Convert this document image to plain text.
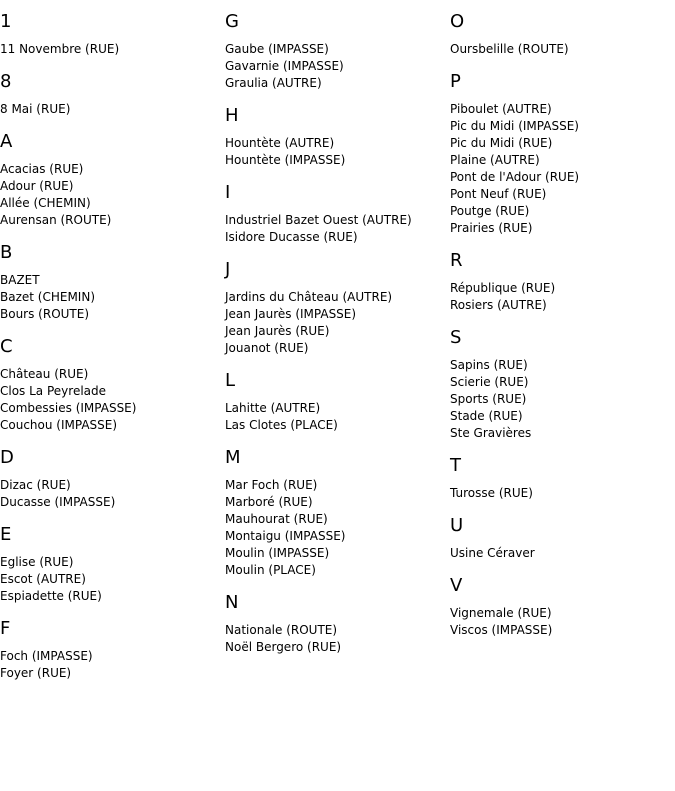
1
11 Novembre (RUE)
8
8 Mai (RUE)
A
Acacias (RUE)
Adour (RUE)
Allée (CHEMIN)
Aurensan (ROUTE)
B
BAZET
Bazet (CHEMIN)
Bours (ROUTE)
C
Château (RUE)
Clos La Peyrelade
Combessies (IMPASSE)
Couchou (IMPASSE)
D
Dizac (RUE)
Ducasse (IMPASSE)
E
Eglise (RUE)
Escot (AUTRE)
Espiadette (RUE)
F
Foch (IMPASSE)
Foyer (RUE)
G
Gaube (IMPASSE)
Gavarnie (IMPASSE)
Graulia (AUTRE)
H
Hountète (AUTRE)
Hountète (IMPASSE)
I
Industriel Bazet Ouest (AUTRE)
Isidore Ducasse (RUE)
J
Jardins du Château (AUTRE)
Jean Jaurès (IMPASSE)
Jean Jaurès (RUE)
Jouanot (RUE)
L
Lahitte (AUTRE)
Las Clotes (PLACE)
M
Mar Foch (RUE)
Marboré (RUE)
Mauhourat (RUE)
Montaigu (IMPASSE)
Moulin (IMPASSE)
Moulin (PLACE)
N
Nationale (ROUTE)
Noël Bergero (RUE)
O
Oursbelille (ROUTE)
P
Piboulet (AUTRE)
Pic du Midi (IMPASSE)
Pic du Midi (RUE)
Plaine (AUTRE)
Pont de l'Adour (RUE)
Pont Neuf (RUE)
Poutge (RUE)
Prairies (RUE)
R
République (RUE)
Rosiers (AUTRE)
S
Sapins (RUE)
Scierie (RUE)
Sports (RUE)
Stade (RUE)
Ste Gravières
T
Turosse (RUE)
U
Usine Céraver
V
Vignemale (RUE)
Viscos (IMPASSE)
